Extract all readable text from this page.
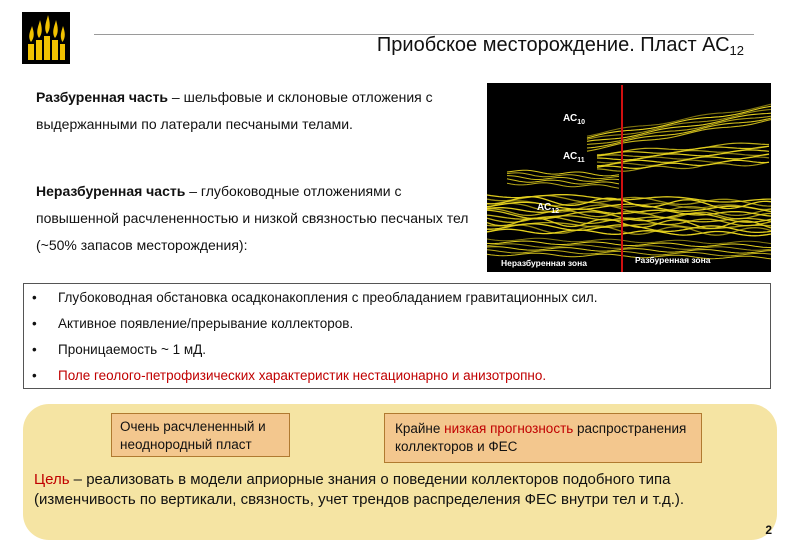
Приобское месторождение. Пласт $АС_{12}$
Разбуренная часть – шельфовые и склоновые отложения с выдержанными по латерали песчаными телами.
Неразбуренная часть – глубоководные отложениями с повышенной расчлененностью и низкой связностью песчаных тел (~50% запасов месторождения):
$АС_{10}$
$АС_{11}$
$АС_{12}$
Неразбуренная зона	Разбуренная зона
• Глубоководная обстановка осадконакопления с преобладанием гравитационных сил.
• Активное появление/прерывание коллекторов.
• Проницаемость ~ 1 мД.
• Поле геолого-петрофизических характеристик нестационарно и анизотропно.
Очень расчлененный и неоднородный пласт
Крайне низкая прогнозность распространения коллекторов и ФЕС
Цель – реализовать в модели априорные знания о поведении коллекторов подобного типа (изменчивость по вертикали, связность, учет трендов распределения ФЕС внутри тел и т.д.).
2
